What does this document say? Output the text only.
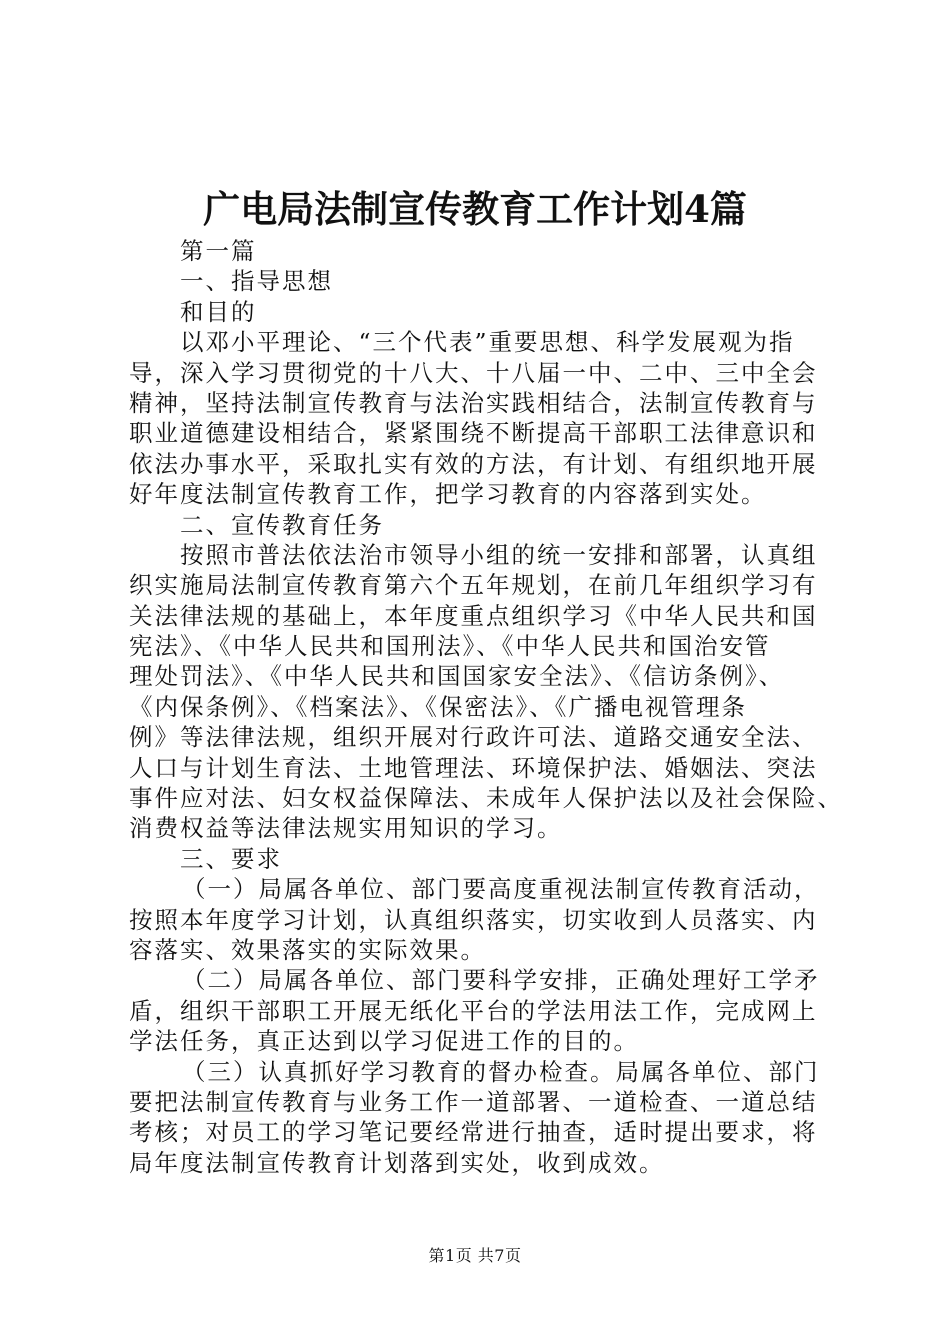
广电局法制宣传教育工作计划4篇

第一篇

一、指导思想

和目的

以邓小平理论、“三个代表”重要思想、科学发展观为指

导，深入学习贯彻党的十八大、十八届一中、二中、三中全会

精神，坚持法制宣传教育与法治实践相结合，法制宣传教育与

职业道德建设相结合，紧紧围绕不断提高干部职工法律意识和

依法办事水平，采取扎实有效的方法，有计划、有组织地开展

好年度法制宣传教育工作，把学习教育的内容落到实处。

二、宣传教育任务

按照市普法依法治市领导小组的统一安排和部署，认真组

织实施局法制宣传教育第六个五年规划，在前几年组织学习有

关法律法规的基础上，本年度重点组织学习《中华人民共和国

宪法》、《中华人民共和国刑法》、《中华人民共和国治安管

理处罚法》、《中华人民共和国国家安全法》、《信访条例》、

《内保条例》、《档案法》、《保密法》、《广播电视管理条

例》等法律法规，组织开展对行政许可法、道路交通安全法、

人口与计划生育法、土地管理法、环境保护法、婚姻法、突法

事件应对法、妇女权益保障法、未成年人保护法以及社会保险、

消费权益等法律法规实用知识的学习。

三、要求

（一）局属各单位、部门要高度重视法制宣传教育活动，

按照本年度学习计划，认真组织落实，切实收到人员落实、内

容落实、效果落实的实际效果。

（二）局属各单位、部门要科学安排，正确处理好工学矛

盾，组织干部职工开展无纸化平台的学法用法工作，完成网上

学法任务，真正达到以学习促进工作的目的。

（三）认真抓好学习教育的督办检查。局属各单位、部门

要把法制宣传教育与业务工作一道部署、一道检查、一道总结

考核；对员工的学习笔记要经常进行抽查，适时提出要求，将

局年度法制宣传教育计划落到实处，收到成效。

第1页 共7页
